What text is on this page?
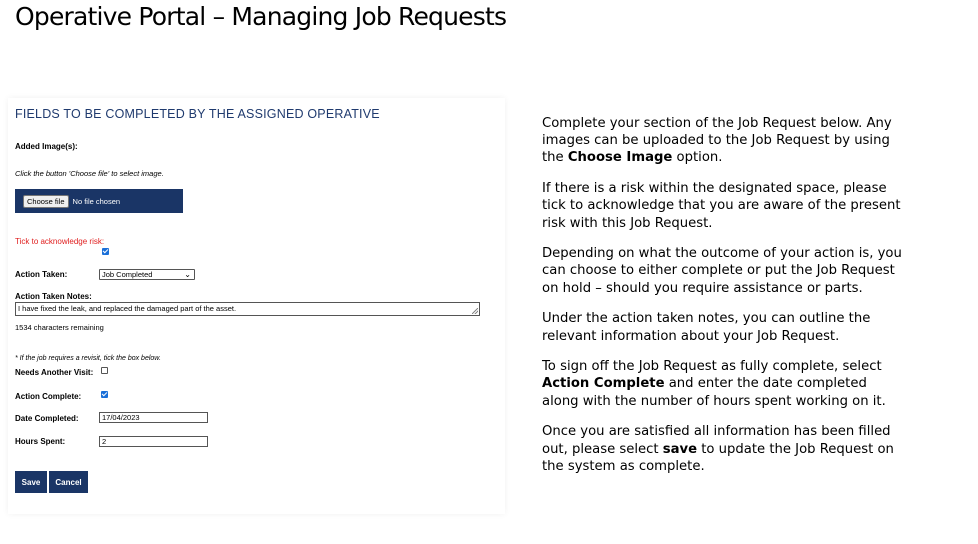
Operative Portal – Managing Job Requests
FIELDS TO BE COMPLETED BY THE ASSIGNED OPERATIVE
Added Image(s):
Click the button 'Choose file' to select image.
Choose file	No file chosen
Tick to acknowledge risk:
Action Taken:	Job Completed	⌄
Action Taken Notes:
I have fixed the leak, and replaced the damaged part of the asset.
1534 characters remaining
* If the job requires a revisit, tick the box below.
Needs Another Visit:
Action Complete:
Date Completed:	17/04/2023
Hours Spent:	2
Save	Cancel

Complete your section of the Job Request below. Any images can be uploaded to the Job Request by using the Choose Image option.

If there is a risk within the designated space, please tick to acknowledge that you are aware of the present risk with this Job Request.

Depending on what the outcome of your action is, you can choose to either complete or put the Job Request on hold – should you require assistance or parts.

Under the action taken notes, you can outline the relevant information about your Job Request.

To sign off the Job Request as fully complete, select Action Complete and enter the date completed along with the number of hours spent working on it.

Once you are satisfied all information has been filled out, please select save to update the Job Request on the system as complete.
